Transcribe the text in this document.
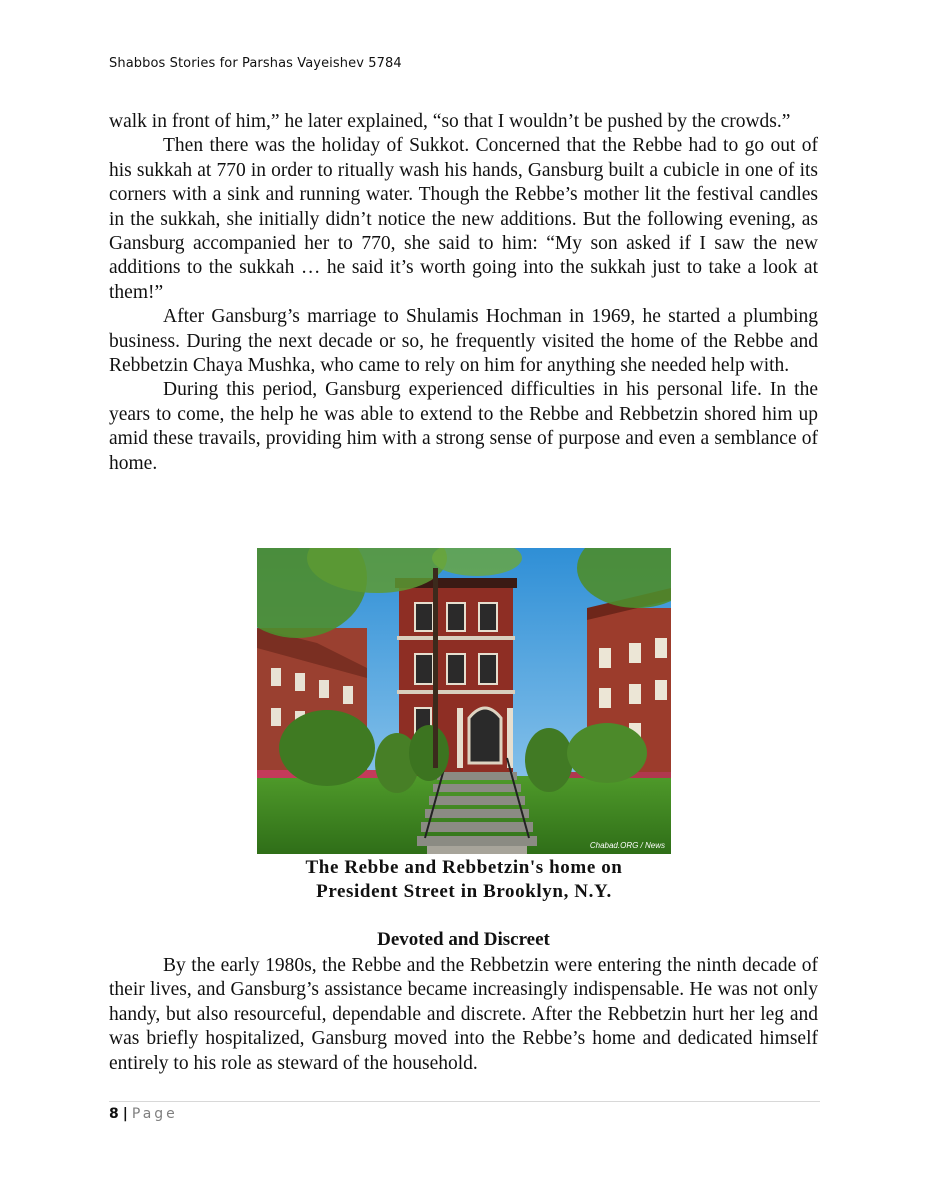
Shabbos Stories for Parshas Vayeishev 5784

walk in front of him,” he later explained, “so that I wouldn’t be pushed by the crowds.”

Then there was the holiday of Sukkot. Concerned that the Rebbe had to go out of his sukkah at 770 in order to ritually wash his hands, Gansburg built a cubicle in one of its corners with a sink and running water. Though the Rebbe’s mother lit the festival candles in the sukkah, she initially didn’t notice the new additions. But the following evening, as Gansburg accompanied her to 770, she said to him: “My son asked if I saw the new additions to the sukkah … he said it’s worth going into the sukkah just to take a look at them!”

After Gansburg’s marriage to Shulamis Hochman in 1969, he started a plumbing business. During the next decade or so, he frequently visited the home of the Rebbe and Rebbetzin Chaya Mushka, who came to rely on him for anything she needed help with.

During this period, Gansburg experienced difficulties in his personal life. In the years to come, the help he was able to extend to the Rebbe and Rebbetzin shored him up amid these travails, providing him with a strong sense of purpose and even a semblance of home.

Chabad.ORG / News
The Rebbe and Rebbetzin's home on
President Street in Brooklyn, N.Y.
Devoted and Discreet

By the early 1980s, the Rebbe and the Rebbetzin were entering the ninth decade of their lives, and Gansburg’s assistance became increasingly indispensable. He was not only handy, but also resourceful, dependable and discrete. After the Rebbetzin hurt her leg and was briefly hospitalized, Gansburg moved into the Rebbe’s home and dedicated himself entirely to his role as steward of the household.

8 | Page
